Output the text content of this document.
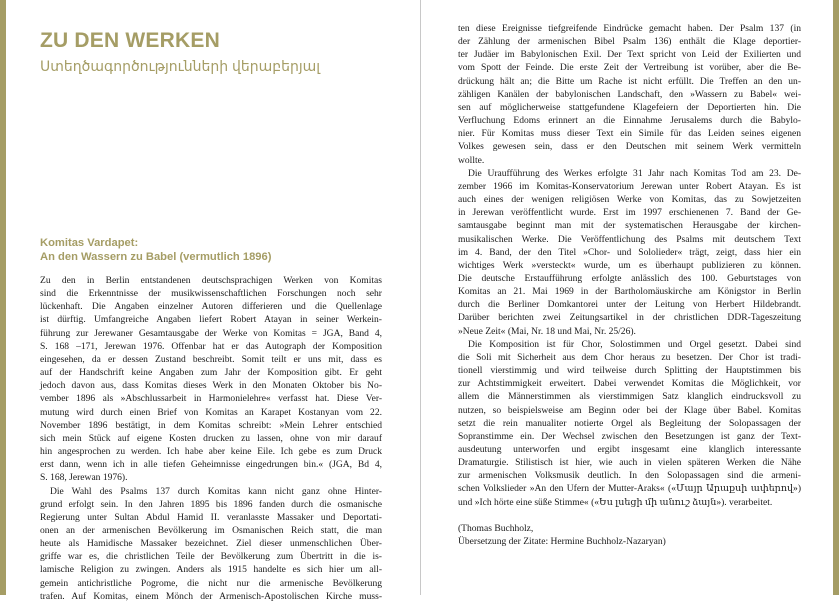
ZU DEN WERKEN

Ստեղծագործությունների վերաբերյալ

Komitas Vardapet:
An den Wassern zu Babel (vermutlich 1896)
Zu den in Berlin entstandenen deutschsprachigen Werken von Komitas
sind die Erkenntnisse der musikwissenschaftlichen Forschungen noch sehr
lückenhaft. Die Angaben einzelner Autoren differieren und die Quellenlage
ist dürftig. Umfangreiche Angaben liefert Robert Atayan in seiner Werkein-
führung zur Jerewaner Gesamtausgabe der Werke von Komitas = ЈGA, Band 4,
S. 168 –171, Jerewan 1976. Offenbar hat er das Autograph der Komposition
eingesehen, da er dessen Zustand beschreibt. Somit teilt er uns mit, dass es
auf der Handschrift keine Angaben zum Jahr der Komposition gibt. Er geht
jedoch davon aus, dass Komitas dieses Werk in den Monaten Oktober bis No-
vember 1896 als »Abschlussarbeit in Harmonielehre« verfasst hat. Diese Ver-
mutung wird durch einen Brief von Komitas an Karapet Kostanyan vom 22.
November 1896 bestätigt, in dem Komitas schreibt: »Mein Lehrer entschied
sich mein Stück auf eigene Kosten drucken zu lassen, ohne von mir darauf
hin angesprochen zu werden. Ich habe aber keine Eile. Ich gebe es zum Druck
erst dann, wenn ich in alle tiefen Geheimnisse eingedrungen bin.« (ЈGA, Bd 4,
S. 168, Jerewan 1976).
Die Wahl des Psalms 137 durch Komitas kann nicht ganz ohne Hinter-
grund erfolgt sein. In den Jahren 1895 bis 1896 fanden durch die osmanische
Regierung unter Sultan Abdul Hamid II. veranlasste Massaker und Deportati-
onen an der armenischen Bevölkerung im Osmanischen Reich statt, die man
heute als Hamidische Massaker bezeichnet. Ziel dieser unmenschlichen Über-
griffe war es, die christlichen Teile der Bevölkerung zum Übertritt in die is-
lamische Religion zu zwingen. Anders als 1915 handelte es sich hier um all-
gemein antichristliche Pogrome, die nicht nur die armenische Bevölkerung
trafen. Auf Komitas, einem Mönch der Armenisch-Apostolischen Kirche muss-
ten diese Ereignisse tiefgreifende Eindrücke gemacht haben. Der Psalm 137 (in
der Zählung der armenischen Bibel Psalm 136) enthält die Klage deportier-
ter Judäer im Babylonischen Exil. Der Text spricht von Leid der Exilierten und
vom Spott der Feinde. Die erste Zeit der Vertreibung ist vorüber, aber die Be-
drückung hält an; die Bitte um Rache ist nicht erfüllt. Die Treffen an den un-
zähligen Kanälen der babylonischen Landschaft, den »Wassern zu Babel« wei-
sen auf möglicherweise stattgefundene Klagefeiern der Deportierten hin. Die
Verfluchung Edoms erinnert an die Einnahme Jerusalems durch die Babylo-
nier. Für Komitas muss dieser Text ein Simile für das Leiden seines eigenen
Volkes gewesen sein, dass er den Deutschen mit seinem Werk vermitteln
wollte.
Die Uraufführung des Werkes erfolgte 31 Jahr nach Komitas Tod am 23. De-
zember 1966 im Komitas-Konservatorium Jerewan unter Robert Atayan. Es ist
auch eines der wenigen religiösen Werke von Komitas, das zu Sowjetzeiten
in Jerewan veröffentlicht wurde. Erst im 1997 erschienenen 7. Band der Ge-
samtausgabe beginnt man mit der systematischen Herausgabe der kirchen-
musikalischen Werke. Die Veröffentlichung des Psalms mit deutschem Text
im 4. Band, der den Titel »Chor- und Sololieder« trägt, zeigt, dass hier ein
wichtiges Werk »versteckt« wurde, um es überhaupt publizieren zu können.
Die deutsche Erstaufführung erfolgte anlässlich des 100. Geburtstages von
Komitas an 21. Mai 1969 in der Bartholomäuskirche am Königstor in Berlin
durch die Berliner Domkantorei unter der Leitung von Herbert Hildebrandt.
Darüber berichten zwei Zeitungsartikel in der christlichen DDR-Tageszeitung
»Neue Zeit« (Mai, Nr. 18 und Mai, Nr. 25/26).
Die Komposition ist für Chor, Solostimmen und Orgel gesetzt. Dabei sind
die Soli mit Sicherheit aus dem Chor heraus zu besetzen. Der Chor ist tradi-
tionell vierstimmig und wird teilweise durch Splitting der Hauptstimmen bis
zur Achtstimmigkeit erweitert. Dabei verwendet Komitas die Möglichkeit, vor
allem die Männerstimmen als vierstimmigen Satz klanglich eindrucksvoll zu
nutzen, so beispielsweise am Beginn oder bei der Klage über Babel. Komitas
setzt die rein manualiter notierte Orgel als Begleitung der Solopassagen der
Sopranstimme ein. Der Wechsel zwischen den Besetzungen ist ganz der Text-
ausdeutung unterworfen und ergibt insgesamt eine klanglich interessante
Dramaturgie. Stilistisch ist hier, wie auch in vielen späteren Werken die Nähe
zur armenischen Volksmusik deutlich. In den Solopassagen sind die armeni-
schen Volkslieder »An den Ufern der Mutter-Araks« («Մայր Արաքսի ափերով»)
und »Ich hörte eine süße Stimme« («Ես լսեցի մի անուշ ձայն»). verarbeitet.
(Thomas Buchholz,
Übersetzung der Zitate: Hermine Buchholz-Nazaryan)
